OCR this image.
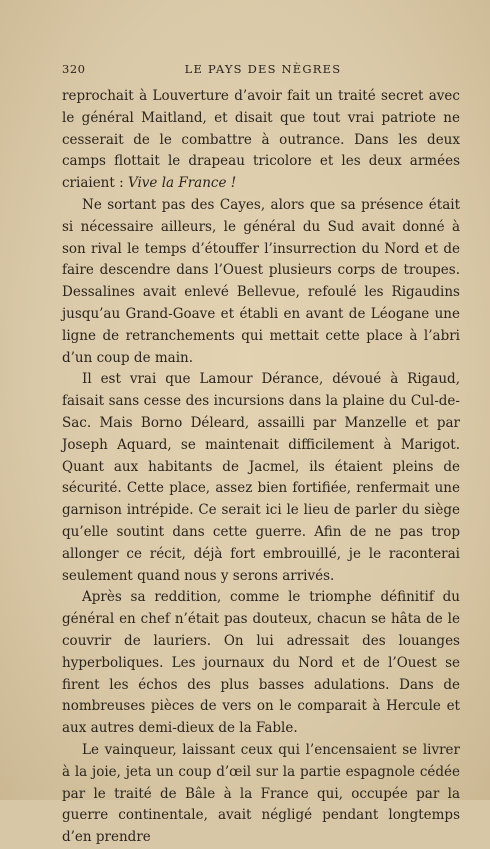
320	LE PAYS DES NÈGRES

reprochait à Louverture d’avoir fait un traité secret avec le général Maitland, et disait que tout vrai patriote ne cesserait de le combattre à outrance. Dans les deux camps flottait le drapeau tricolore et les deux armées criaient : Vive la France !

Ne sortant pas des Cayes, alors que sa présence était si nécessaire ailleurs, le général du Sud avait donné à son rival le temps d’étouffer l’insurrection du Nord et de faire descendre dans l’Ouest plusieurs corps de troupes. Dessalines avait enlevé Bellevue, refoulé les Rigaudins jusqu’au Grand-Goave et établi en avant de Léogane une ligne de retranchements qui mettait cette place à l’abri d’un coup de main.

Il est vrai que Lamour Dérance, dévoué à Rigaud, faisait sans cesse des incursions dans la plaine du Cul-de-Sac. Mais Borno Déleard, assailli par Manzelle et par Joseph Aquard, se maintenait difficilement à Marigot. Quant aux habitants de Jacmel, ils étaient pleins de sécurité. Cette place, assez bien fortifiée, renfermait une garnison intrépide. Ce serait ici le lieu de parler du siège qu’elle soutint dans cette guerre. Afin de ne pas trop allonger ce récit, déjà fort embrouillé, je le raconterai seulement quand nous y serons arrivés.

Après sa reddition, comme le triomphe définitif du général en chef n’était pas douteux, chacun se hâta de le couvrir de lauriers. On lui adressait des louanges hyperboliques. Les journaux du Nord et de l’Ouest se firent les échos des plus basses adulations. Dans de nombreuses pièces de vers on le comparait à Hercule et aux autres demi-dieux de la Fable.

Le vainqueur, laissant ceux qui l’encensaient se livrer à la joie, jeta un coup d’œil sur la partie espagnole cédée par le traité de Bâle à la France qui, occupée par la guerre continentale, avait négligé pendant longtemps d’en prendre
